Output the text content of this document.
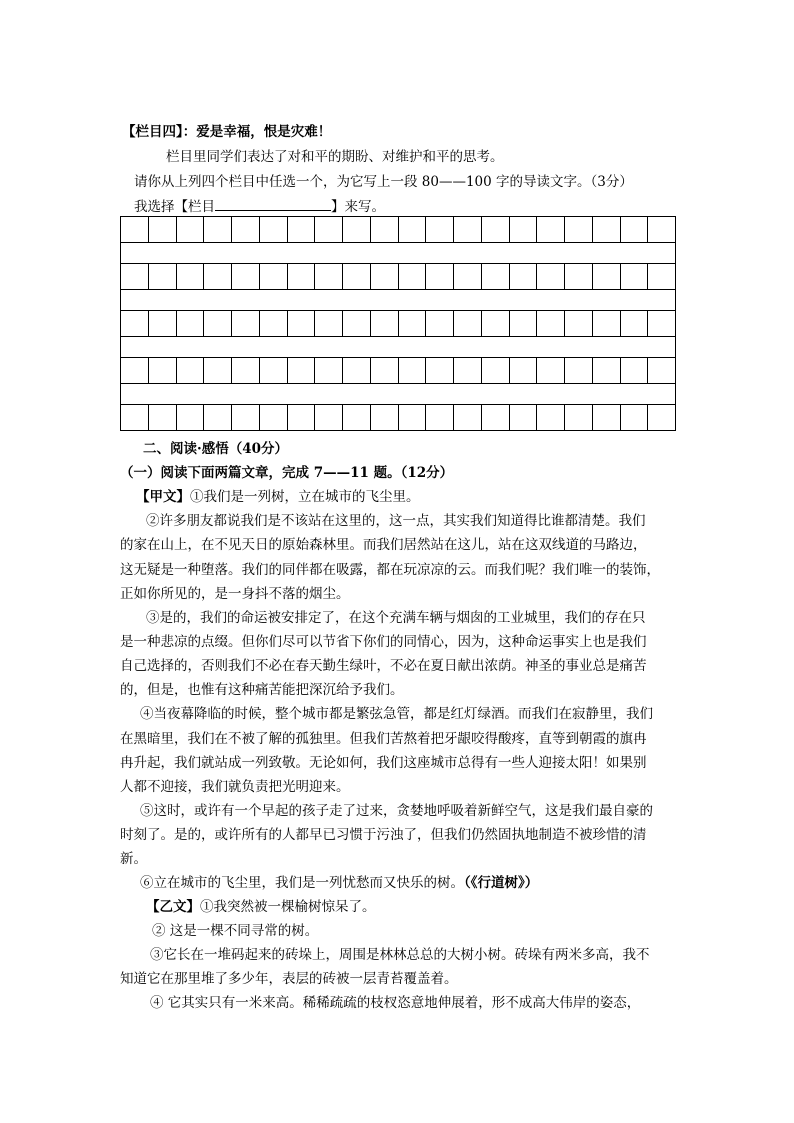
【栏目四】：爱是幸福，恨是灾难！
栏目里同学们表达了对和平的期盼、对维护和平的思考。
请你从上列四个栏目中任选一个，为它写上一段 80——100 字的导读文字。（3分）
我选择【栏目	】来写。

二、阅读·感悟（40分）
（一）阅读下面两篇文章，完成 7——11 题。（12分）
【甲文】①我们是一列树，立在城市的飞尘里。
②许多朋友都说我们是不该站在这里的，这一点，其实我们知道得比谁都清楚。我们
的家在山上，在不见天日的原始森林里。而我们居然站在这儿，站在这双线道的马路边，
这无疑是一种堕落。我们的同伴都在吸露，都在玩凉凉的云。而我们呢？我们唯一的装饰，
正如你所见的，是一身抖不落的烟尘。
③是的，我们的命运被安排定了，在这个充满车辆与烟囱的工业城里，我们的存在只
是一种悲凉的点缀。但你们尽可以节省下你们的同情心，因为，这种命运事实上也是我们
自己选择的，否则我们不必在春天勤生绿叶，不必在夏日献出浓荫。神圣的事业总是痛苦
的，但是，也惟有这种痛苦能把深沉给予我们。
④当夜幕降临的时候，整个城市都是繁弦急管，都是红灯绿酒。而我们在寂静里，我们
在黑暗里，我们在不被了解的孤独里。但我们苦熬着把牙龈咬得酸疼，直等到朝霞的旗冉
冉升起，我们就站成一列致敬。无论如何，我们这座城市总得有一些人迎接太阳！如果别
人都不迎接，我们就负责把光明迎来。
⑤这时，或许有一个早起的孩子走了过来，贪婪地呼吸着新鲜空气，这是我们最自豪的
时刻了。是的，或许所有的人都早已习惯于污浊了，但我们仍然固执地制造不被珍惜的清
新。
⑥立在城市的飞尘里，我们是一列忧愁而又快乐的树。（《行道树》）
【乙文】①我突然被一棵榆树惊呆了。
② 这是一棵不同寻常的树。
③它长在一堆码起来的砖垛上，周围是林林总总的大树小树。砖垛有两米多高，我不
知道它在那里堆了多少年，表层的砖被一层青苔覆盖着。
④ 它其实只有一米来高。稀稀疏疏的枝杈恣意地伸展着，形不成高大伟岸的姿态，
